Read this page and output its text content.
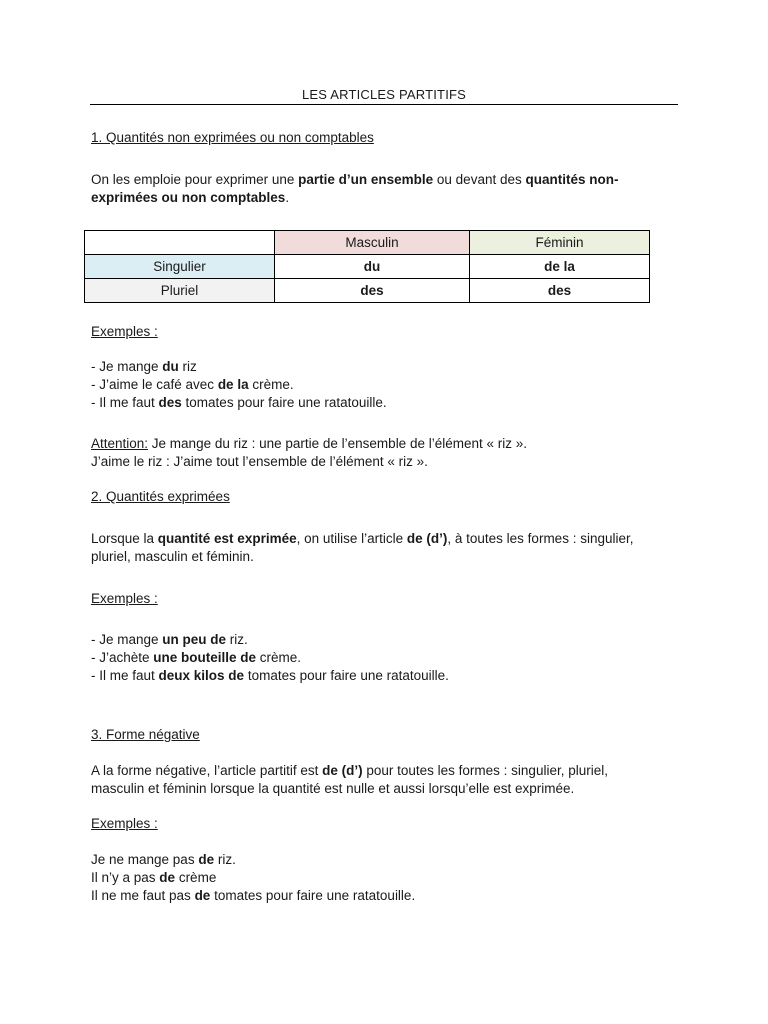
LES ARTICLES PARTITIFS
1. Quantités non exprimées ou non comptables
On les emploie pour exprimer une partie d’un ensemble ou devant des quantités non-exprimées ou non comptables.
	Masculin	Féminin
Singulier	du	de la
Pluriel	des	des
Exemples :
- Je mange du riz
- J’aime le café avec de la crème.
- Il me faut des tomates pour faire une ratatouille.
Attention: Je mange du riz : une partie de l’ensemble de l’élément « riz ».
J’aime le riz : J’aime tout l’ensemble de l’élément « riz ».
2. Quantités exprimées
Lorsque la quantité est exprimée, on utilise l’article de (d’), à toutes les formes : singulier, pluriel, masculin et féminin.
Exemples :
- Je mange un peu de riz.
- J’achète une bouteille de crème.
- Il me faut deux kilos de tomates pour faire une ratatouille.
3. Forme négative
A la forme négative, l’article partitif est de (d’) pour toutes les formes : singulier, pluriel, masculin et féminin lorsque la quantité est nulle et aussi lorsqu’elle est exprimée.
Exemples :
Je ne mange pas de riz.
Il n’y a pas de crème
Il ne me faut pas de tomates pour faire une ratatouille.
